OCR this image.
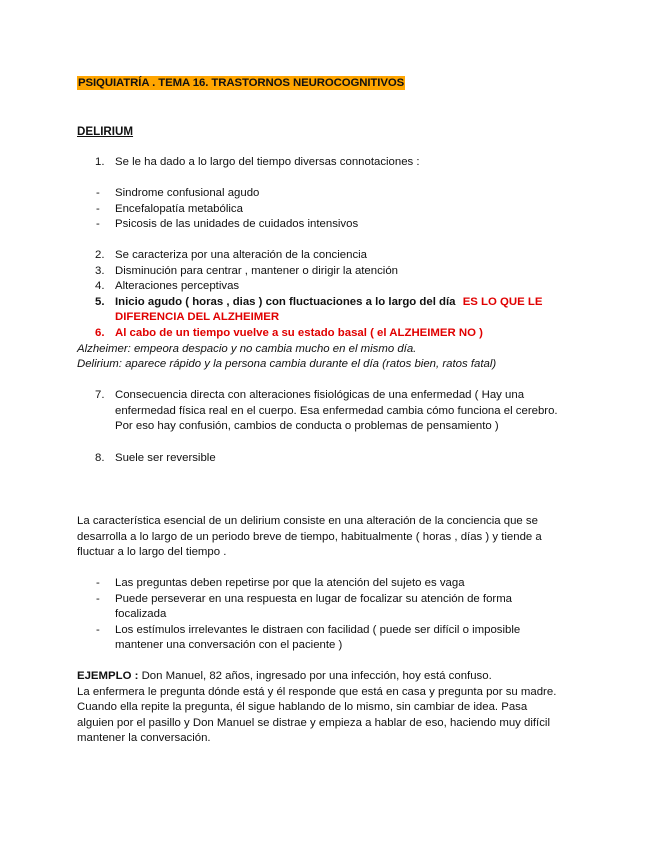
PSIQUIATRÍA . TEMA 16. TRASTORNOS NEUROCOGNITIVOS
DELIRIUM
1. Se le ha dado a lo largo del tiempo diversas connotaciones :
- Sindrome confusional agudo
- Encefalopatía metabólica
- Psicosis de las unidades de cuidados intensivos
2. Se caracteriza por una alteración de la conciencia
3. Disminución para centrar , mantener o dirigir la atención
4. Alteraciones perceptivas
5. Inicio agudo ( horas , dias ) con fluctuaciones a lo largo del día ES LO QUE LE
DIFERENCIA DEL ALZHEIMER
6. Al cabo de un tiempo vuelve a su estado basal ( el ALZHEIMER NO )
Alzheimer: empeora despacio y no cambia mucho en el mismo día.
Delirium: aparece rápido y la persona cambia durante el día (ratos bien, ratos fatal)
7. Consecuencia directa con alteraciones fisiológicas de una enfermedad ( Hay una
enfermedad física real en el cuerpo. Esa enfermedad cambia cómo funciona el cerebro.
Por eso hay confusión, cambios de conducta o problemas de pensamiento )
8. Suele ser reversible
La característica esencial de un delirium consiste en una alteración de la conciencia que se
desarrolla a lo largo de un periodo breve de tiempo, habitualmente ( horas , días ) y tiende a
fluctuar a lo largo del tiempo .
- Las preguntas deben repetirse por que la atención del sujeto es vaga
- Puede perseverar en una respuesta en lugar de focalizar su atención de forma
focalizada
- Los estímulos irrelevantes le distraen con facilidad ( puede ser difícil o imposible
mantener una conversación con el paciente )
EJEMPLO : Don Manuel, 82 años, ingresado por una infección, hoy está confuso.
La enfermera le pregunta dónde está y él responde que está en casa y pregunta por su madre.
Cuando ella repite la pregunta, él sigue hablando de lo mismo, sin cambiar de idea. Pasa
alguien por el pasillo y Don Manuel se distrae y empieza a hablar de eso, haciendo muy difícil
mantener la conversación.
